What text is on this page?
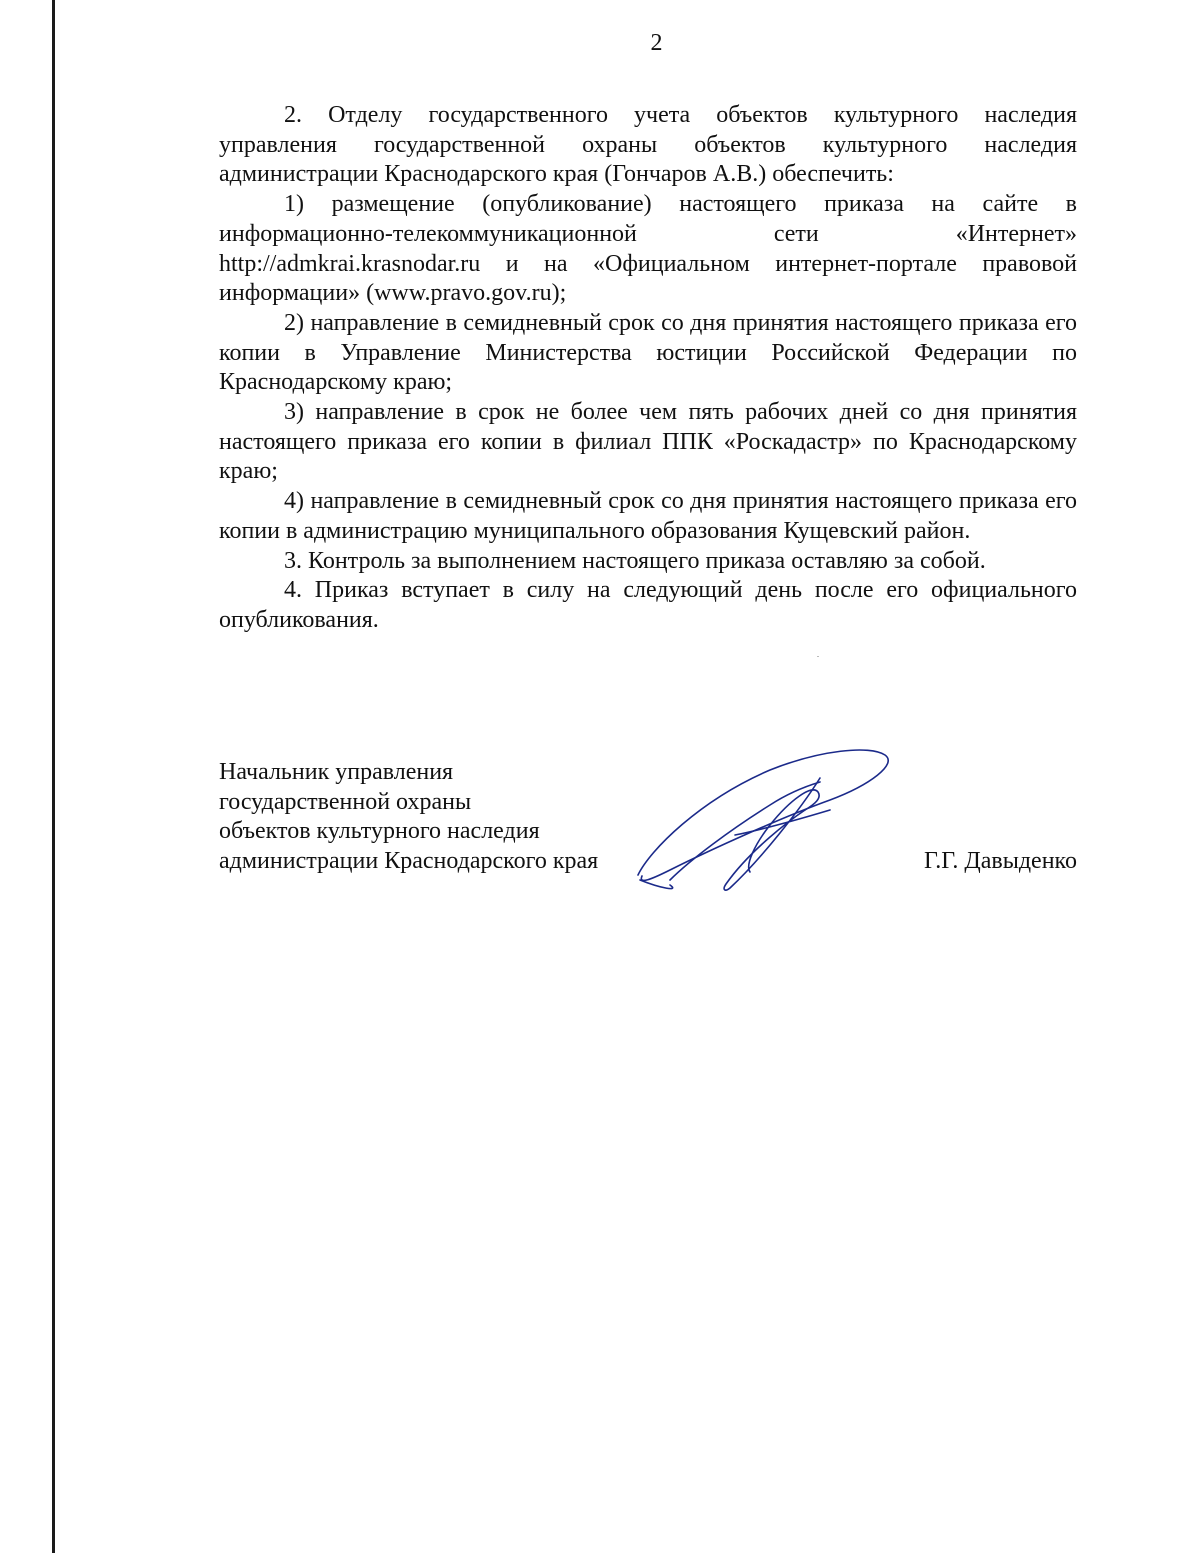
2

2. Отделу государственного учета объектов культурного наследия управления государственной охраны объектов культурного наследия администрации Краснодарского края (Гончаров А.В.) обеспечить:

1) размещение (опубликование) настоящего приказа на сайте в информационно-телекоммуникационной сети «Интернет» http://admkrai.krasnodar.ru и на «Официальном интернет-портале правовой информации» (www.pravo.gov.ru);

2) направление в семидневный срок со дня принятия настоящего приказа его копии в Управление Министерства юстиции Российской Федерации по Краснодарскому краю;

3) направление в срок не более чем пять рабочих дней со дня принятия настоящего приказа его копии в филиал ППК «Роскадастр» по Краснодарскому краю;

4) направление в семидневный срок со дня принятия настоящего приказа его копии в администрацию муниципального образования Кущевский район.

3. Контроль за выполнением настоящего приказа оставляю за собой.

4. Приказ вступает в силу на следующий день после его официального опубликования.

Начальник управления
государственной охраны
объектов культурного наследия
администрации Краснодарского края	Г.Г. Давыденко
